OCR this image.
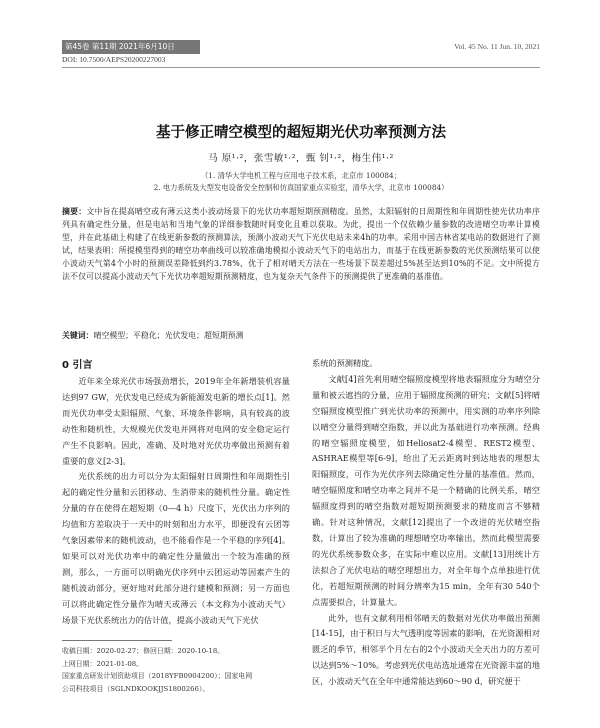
第45卷 第11期 2021年6月10日	Vol. 45 No. 11 Jun. 10, 2021
DOI: 10.7500/AEPS20200227003
基于修正晴空模型的超短期光伏功率预测方法
马 原¹·²，张雪敏¹·²，甄 钊¹·²，梅生伟¹·²
（1. 清华大学电机工程与应用电子技术系，北京市 100084；
2. 电力系统及大型发电设备安全控制和仿真国家重点实验室，清华大学，北京市 100084）
摘要：文中旨在提高晴空或有薄云这类小波动场景下的光伏功率超短期预测精度。虽然，太阳辐射的日周期性和年周期性使光伏功率序列具有确定性分量，但是电站和当地气象的详细参数随时间变化且难以获取。为此，提出一个仅依赖少量参数的改进晴空功率计算模型，并在此基础上构建了在线更新参数的预测算法，预测小波动天气下光伏电站未来4h的功率。采用中国吉林省某电站的数据进行了测试，结果表明：所提模型得到的晴空功率曲线可以较准确地模拟小波动天气下的电站出力，而基于在线更新参数的光伏预测结果可以使小波动天气第4个小时的预测误差降低到约3.78%，优于了相对晴天方法在一些场景下误差超过5%甚至达到10%的不足。文中所提方法不仅可以提高小波动天气下光伏功率超短期预测精度，也为复杂天气条件下的预测提供了更准确的基准值。
关键词：晴空模型；平稳化；光伏发电；超短期预测
0 引言

近年来全球光伏市场强劲增长，2019年全年新增装机容量达到97 GW，光伏发电已经成为新能源发电新的增长点[1]。然而光伏功率受太阳辐照、气象、环境条件影响，具有较高的波动性和随机性，大规模光伏发电并网将对电网的安全稳定运行产生不良影响。因此，准确、及时地对光伏功率做出预测有着重要的意义[2-3]。

光伏系统的出力可以分为太阳辐射日周期性和年周期性引起的确定性分量和云团移动、生消带来的随机性分量。确定性分量的存在使得在超短期（0—4 h）尺度下，光伏出力序列的均值和方差取决于一天中的时刻和出力水平，即便没有云团等气象因素带来的随机波动，也不能看作是一个平稳的序列[4]。如果可以对光伏功率中的确定性分量做出一个较为准确的预测，那么，一方面可以明确光伏序列中云团运动等因素产生的随机波动部分，更好地对此部分进行建模和预测；另一方面也可以将此确定性分量作为晴天或薄云（本文称为小波动天气）场景下光伏系统出力的估计值，提高小波动天气下光伏

系统的预测精度。

文献[4]首先利用晴空辐照度模型将地表辐照度分为晴空分量和被云遮挡的分量，应用于辐照度预测的研究；文献[5]将晴空辐照度模型推广到光伏功率的预测中，用实测的功率序列除以晴空分量得到晴空指数，并以此为基础进行功率预测。经典的晴空辐照度模型，如Heliosat2-4模型、REST2模型、ASHRAE模型等[6-9]，给出了无云距离时到达地表的理想太阳辐照度，可作为光伏序列去除确定性分量的基准值。然而，晴空辐照度和晴空功率之间并不是一个精确的比例关系，晴空辐照度得到的晴空指数对超短期预测要求的精度而言不够精确。针对这种情况，文献[12]提出了一个改进的光伏晴空指数，计算出了较为准确的理想晴空功率输出，然而此模型需要的光伏系统参数众多，在实际中难以应用。文献[13]用统计方法拟合了光伏电站的晴空理想出力，对全年每个点单独进行优化，若超短期预测的时间分辨率为15 min，全年有30 540个点需要拟合，计算量大。

此外，也有文献利用相邻晴天的数据对光伏功率做出预测[14-15]，由于积日与大气透明度等因素的影响，在光资源相对匮乏的季节，相邻半个月左右的2个小波动天全天出力的方差可以达到5%～10%。考虑到光伏电站选址通常在光资源丰富的地区，小波动天气在全年中通常能达到60～90 d，研究便于

收稿日期：2020-02-27；修回日期：2020-10-18。
上网日期：2021-01-08。
国家重点研发计划资助项目（2018YFB0904200）；国家电网
公司科技项目（SGLNDKOOKJJS1800266）。
